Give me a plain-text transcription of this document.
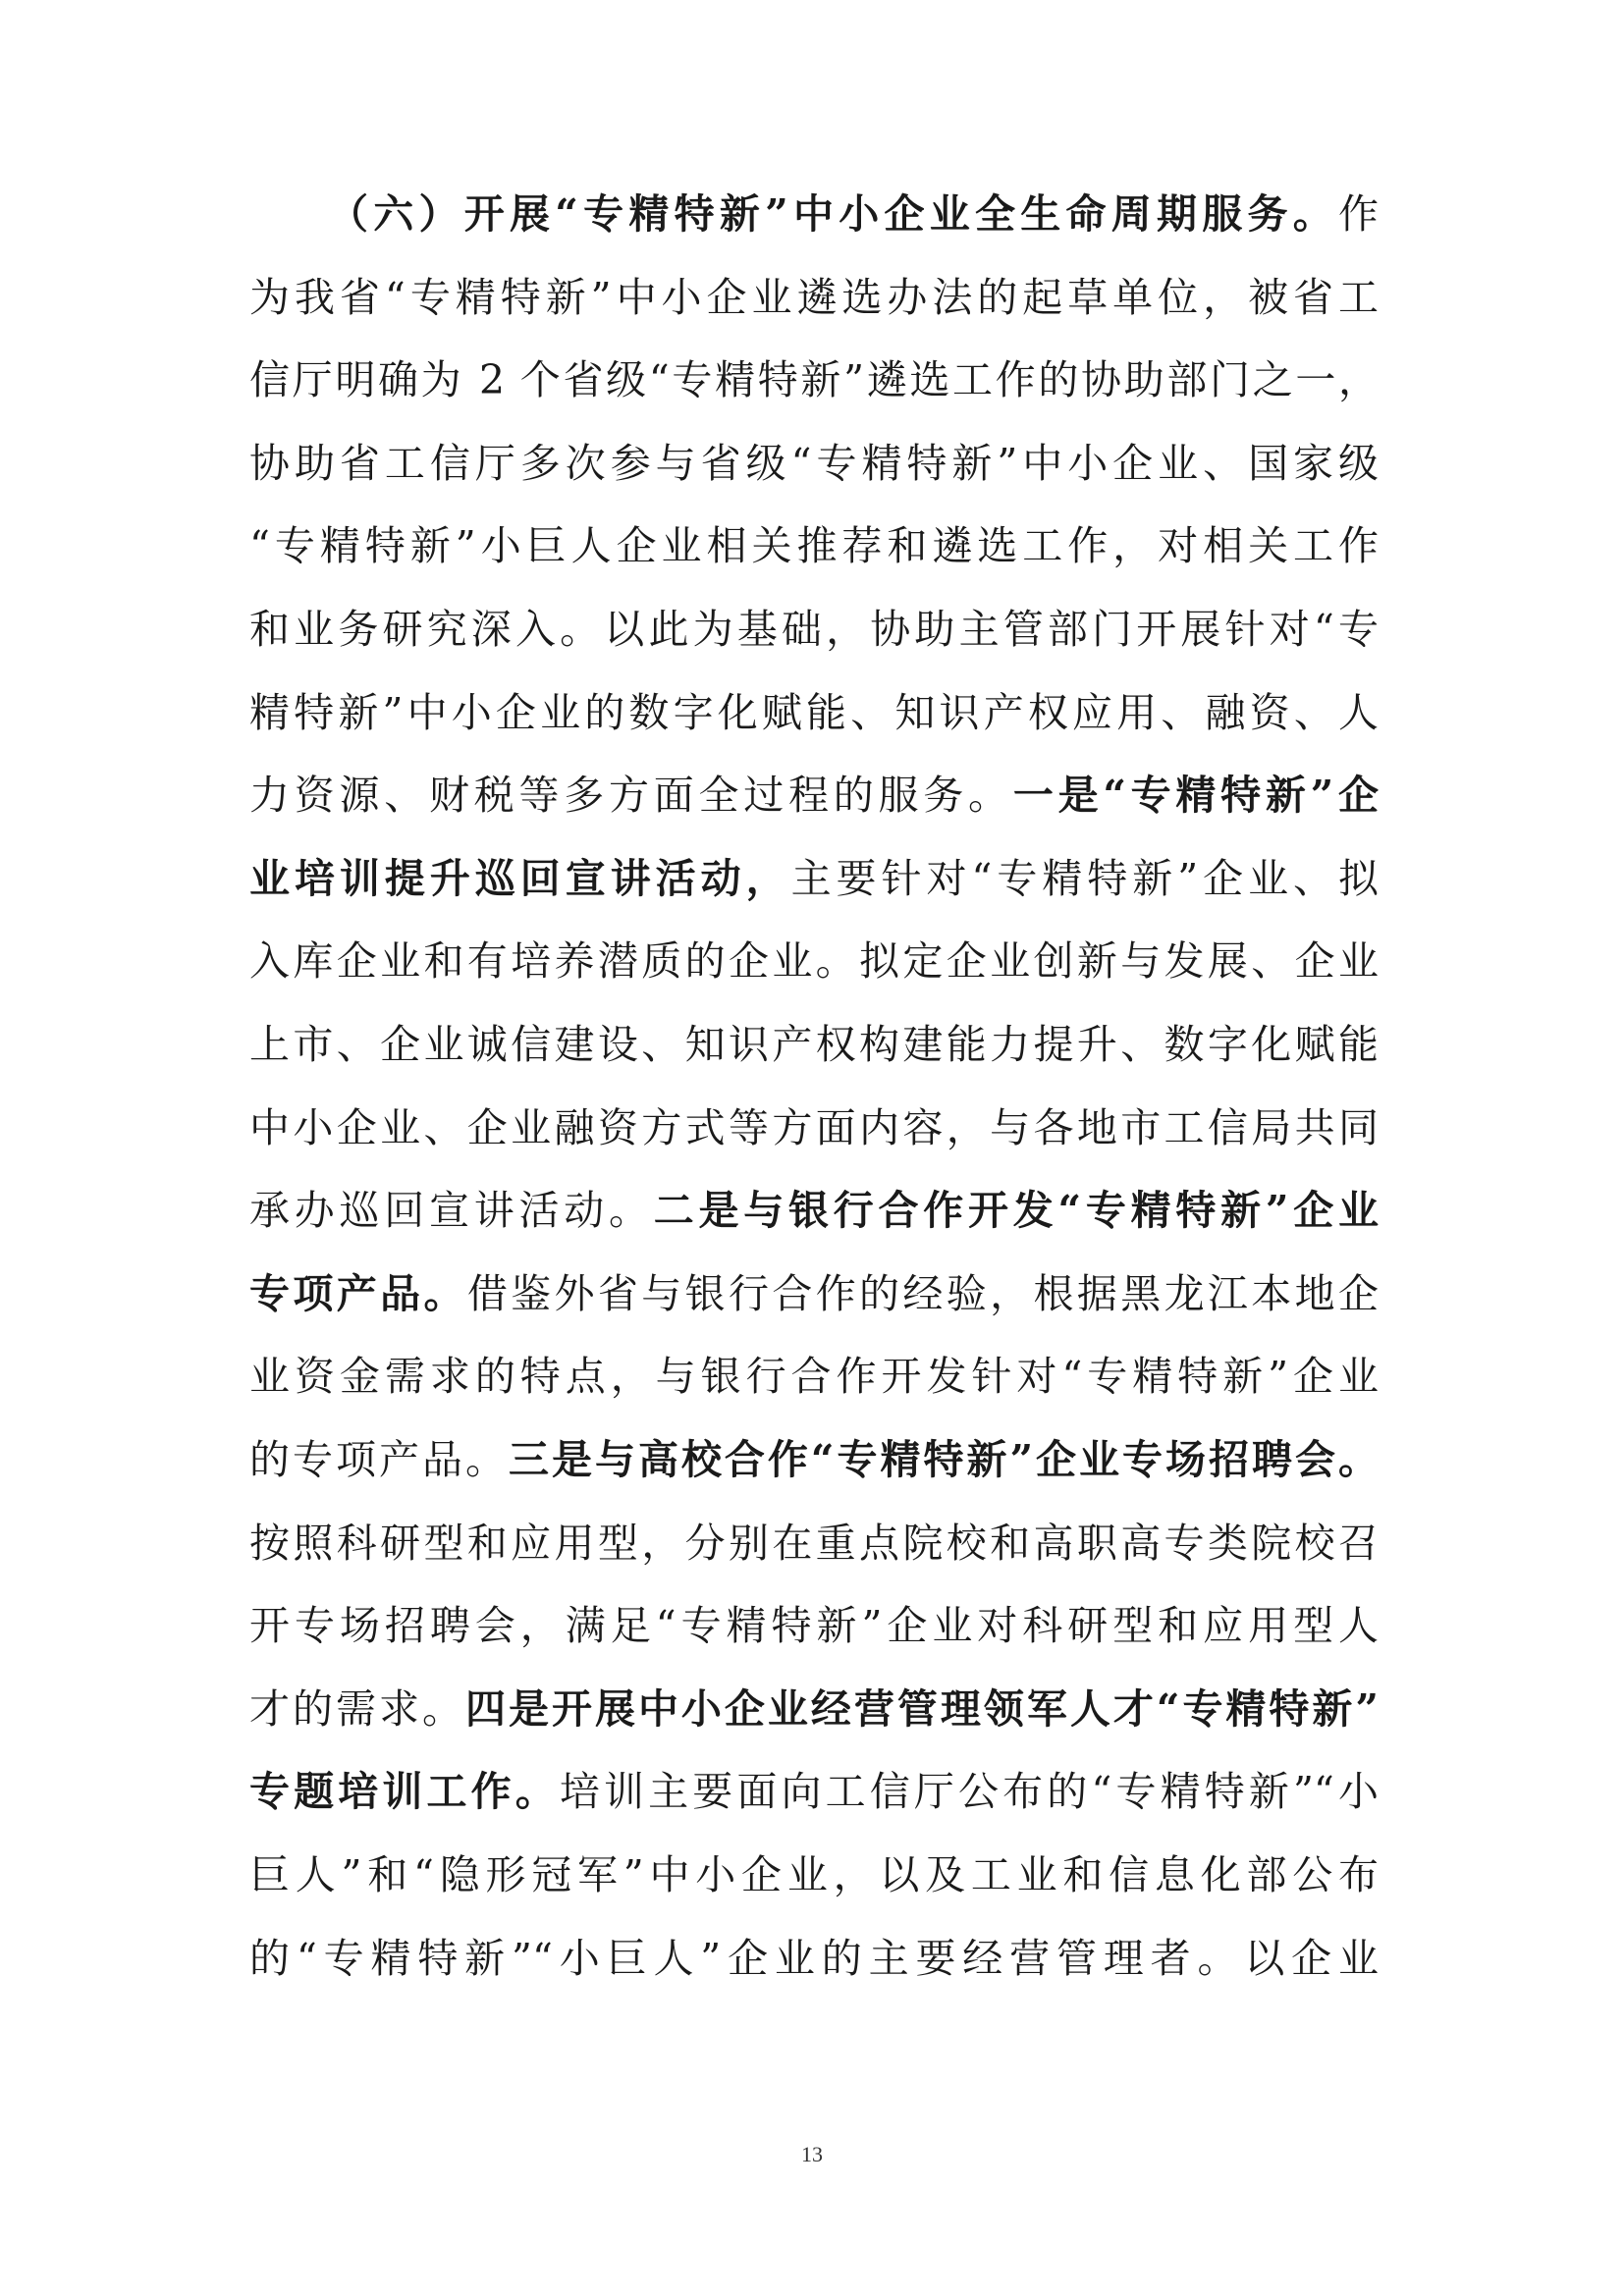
（六）开展“专精特新”中小企业全生命周期服务。作
为我省“专精特新”中小企业遴选办法的起草单位，被省工
信厅明确为 2 个省级“专精特新”遴选工作的协助部门之一，
协助省工信厅多次参与省级“专精特新”中小企业、国家级
“专精特新”小巨人企业相关推荐和遴选工作，对相关工作
和业务研究深入。以此为基础，协助主管部门开展针对“专
精特新”中小企业的数字化赋能、知识产权应用、融资、人
力资源、财税等多方面全过程的服务。一是“专精特新”企
业培训提升巡回宣讲活动，主要针对“专精特新”企业、拟
入库企业和有培养潜质的企业。拟定企业创新与发展、企业
上市、企业诚信建设、知识产权构建能力提升、数字化赋能
中小企业、企业融资方式等方面内容，与各地市工信局共同
承办巡回宣讲活动。二是与银行合作开发“专精特新”企业
专项产品。借鉴外省与银行合作的经验，根据黑龙江本地企
业资金需求的特点，与银行合作开发针对“专精特新”企业
的专项产品。三是与高校合作“专精特新”企业专场招聘会。
按照科研型和应用型，分别在重点院校和高职高专类院校召
开专场招聘会，满足“专精特新”企业对科研型和应用型人
才的需求。四是开展中小企业经营管理领军人才“专精特新”
专题培训工作。培训主要面向工信厅公布的“专精特新”“小
巨人”和“隐形冠军”中小企业，以及工业和信息化部公布
的“专精特新”“小巨人”企业的主要经营管理者。以企业
13
